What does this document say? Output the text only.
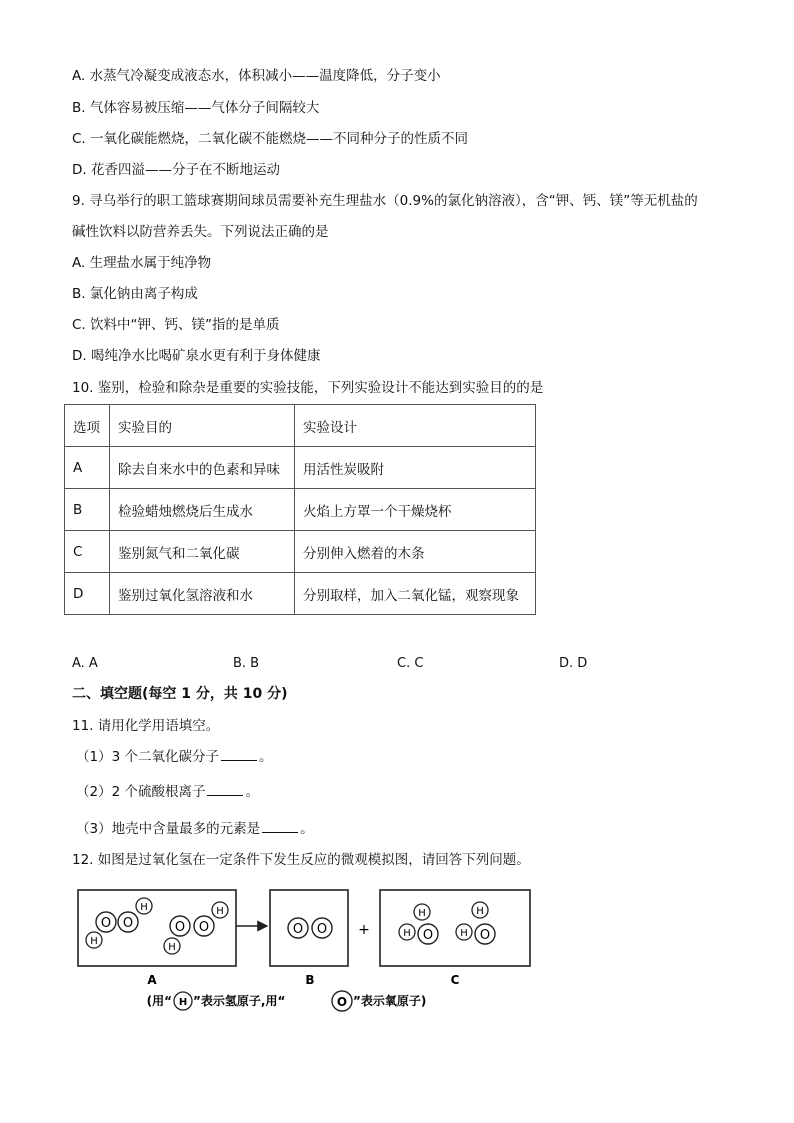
A. 水蒸气冷凝变成液态水，体积减小——温度降低，分子变小
B. 气体容易被压缩——气体分子间隔较大
C. 一氧化碳能燃烧，二氧化碳不能燃烧——不同种分子的性质不同
D. 花香四溢——分子在不断地运动
9. 寻乌举行的职工篮球赛期间球员需要补充生理盐水（0.9%的氯化钠溶液），含“钾、钙、镁”等无机盐的
碱性饮料以防营养丢失。下列说法正确的是
A. 生理盐水属于纯净物
B. 氯化钠由离子构成
C. 饮料中“钾、钙、镁”指的是单质
D. 喝纯净水比喝矿泉水更有利于身体健康
10. 鉴别，检验和除杂是重要的实验技能，下列实验设计不能达到实验目的的是
选项	实验目的	实验设计
A	除去自来水中的色素和异味	用活性炭吸附
B	检验蜡烛燃烧后生成水	火焰上方罩一个干燥烧杯
C	鉴别氮气和二氧化碳	分别伸入燃着的木条
D	鉴别过氧化氢溶液和水	分别取样，加入二氧化锰，观察现象
A. A	B. B	C. C	D. D
二、填空题(每空 1 分，共 10 分)
11. 请用化学用语填空。
（1）3 个二氧化碳分子	。
（2）2 个硫酸根离子	。
（3）地壳中含量最多的元素是	。
12. 如图是过氧化氢在一定条件下发生反应的微观模拟图，请回答下列问题。
O O
H
H
O O
H
H
A
O O
B
+
H
H O
H
H O
C
(用“ H ”表示氢原子,用“	O ”表示氧原子)
